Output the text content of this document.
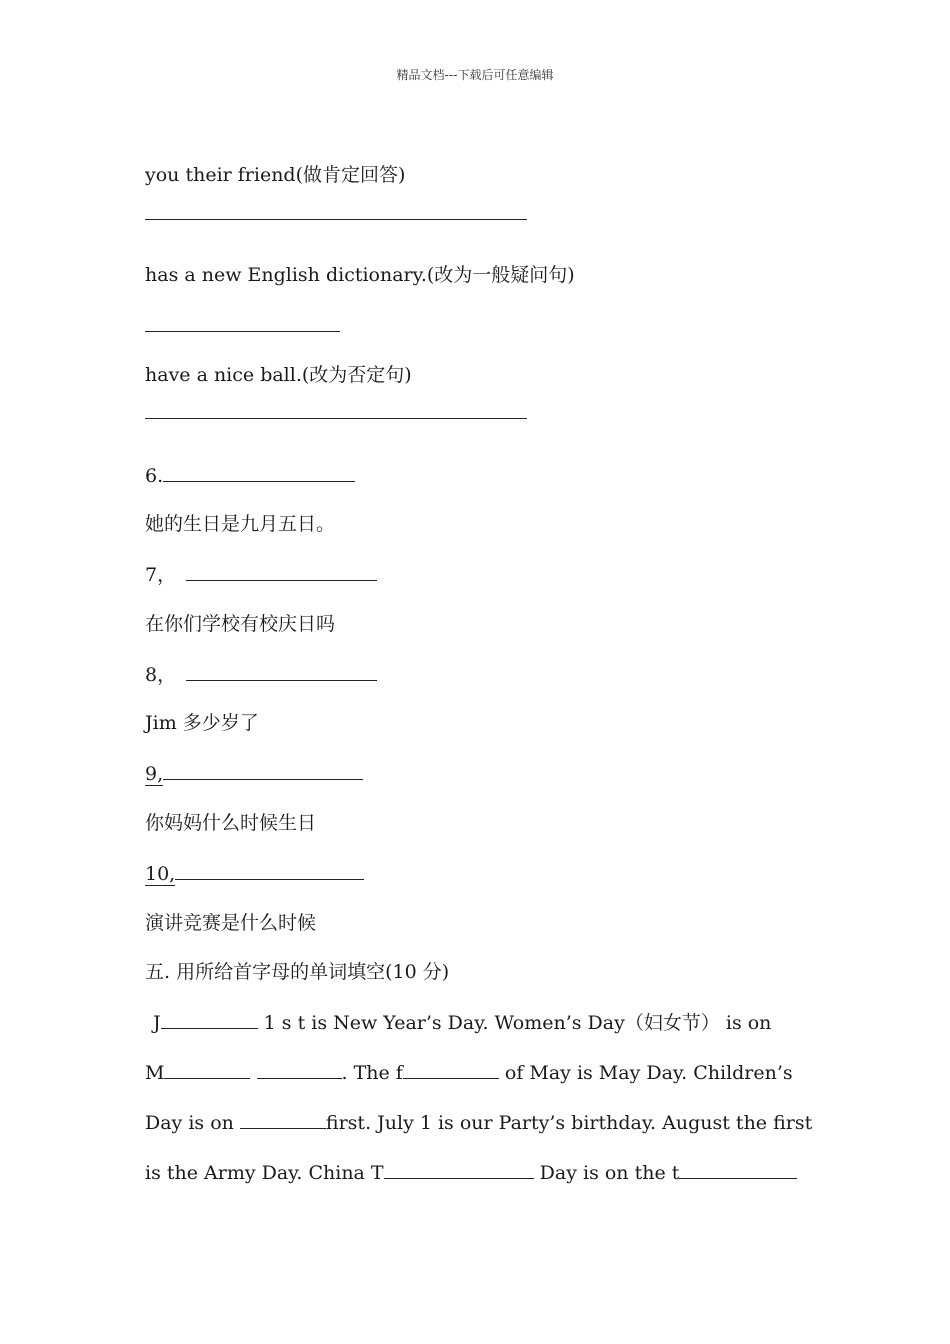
精品文档---下载后可任意编辑
you their friend(做肯定回答)
has a new English dictionary.(改为一般疑问句)
have a nice ball.(改为否定句)
6.
她的生日是九月五日。
7，
在你们学校有校庆日吗
8，
Jim 多少岁了
9,
你妈妈什么时候生日
10,
演讲竞赛是什么时候
五. 用所给首字母的单词填空(10 分)
J	1 s t is New Year’s Day. Women’s Day（妇女节） is on
M	. The f	of May is May Day. Children’s
Day is on	first. July 1 is our Party’s birthday. August the first
is the Army Day. China T	Day is on the t
